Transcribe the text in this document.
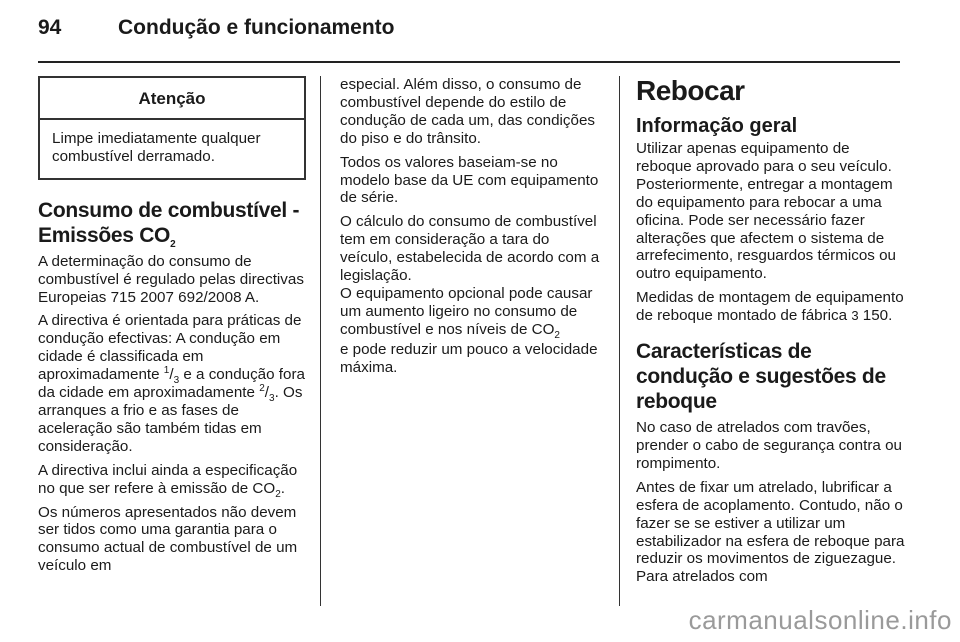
94	Condução e funcionamento
Atenção
Limpe imediatamente qualquer combustível derramado.
Consumo de combustível - Emissões $CO_2$

A determinação do consumo de combustível é regulado pelas directivas Europeias 715 2007 692/2008 A.

A directiva é orientada para práticas de condução efectivas: A condução em cidade é classificada em aproximadamente $^1/_3$ e a condução fora da cidade em aproximadamente $^2/_3$. Os arranques a frio e as fases de aceleração são também tidas em consideração.

A directiva inclui ainda a especificação no que ser refere à emissão de $CO_2$.

Os números apresentados não devem ser tidos como uma garantia para o consumo actual de combustível de um veículo em

especial. Além disso, o consumo de combustível depende do estilo de condução de cada um, das condições do piso e do trânsito.

Todos os valores baseiam-se no modelo base da UE com equipamento de série.

O cálculo do consumo de combustível tem em consideração a tara do veículo, estabelecida de acordo com a legislação.
O equipamento opcional pode causar um aumento ligeiro no consumo de combustível e nos níveis de $CO_2$

e pode reduzir um pouco a velocidade máxima.

Rebocar
Informação geral

Utilizar apenas equipamento de reboque aprovado para o seu veículo. Posteriormente, entregar a montagem do equipamento para rebocar a uma oficina. Pode ser necessário fazer alterações que afectem o sistema de arrefecimento, resguardos térmicos ou outro equipamento.

Medidas de montagem de equipamento de reboque montado de fábrica 3 150.

Características de condução e sugestões de reboque

No caso de atrelados com travões, prender o cabo de segurança contra ou rompimento.

Antes de fixar um atrelado, lubrificar a esfera de acoplamento. Contudo, não o fazer se se estiver a utilizar um estabilizador na esfera de reboque para reduzir os movimentos de ziguezague. Para atrelados com

carmanualsonline.info
